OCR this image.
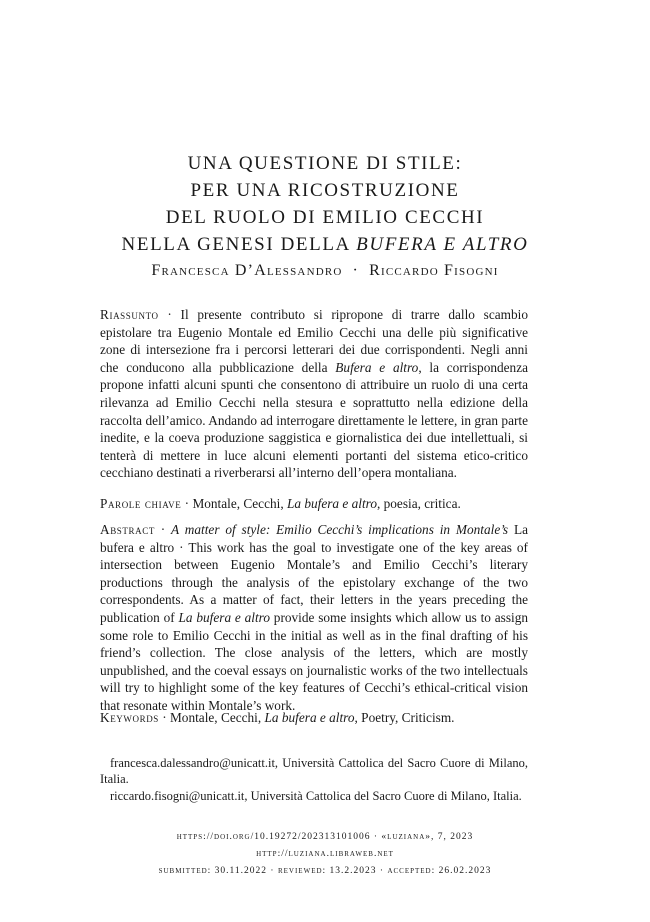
UNA QUESTIONE DI STILE:
PER UNA RICOSTRUZIONE
DEL RUOLO DI EMILIO CECCHI
NELLA GENESI DELLA BUFERA E ALTRO
Francesca D’Alessandro · Riccardo Fisogni
Riassunto · Il presente contributo si ripropone di trarre dallo scambio epistolare tra Eugenio Montale ed Emilio Cecchi una delle più significative zone di intersezione fra i percorsi letterari dei due corrispondenti. Negli anni che conducono alla pubblicazione della Bufera e altro, la corrispondenza propone infatti alcuni spunti che consentono di attribuire un ruolo di una certa rilevanza ad Emilio Cecchi nella stesura e soprattutto nella edizione della raccolta dell’amico. Andando ad interrogare direttamente le lettere, in gran parte inedite, e la coeva produzione saggistica e giornalistica dei due intellettuali, si tenterà di mettere in luce alcuni elementi portanti del sistema etico-critico cecchiano destinati a riverberarsi all’interno dell’opera montaliana.
Parole chiave · Montale, Cecchi, La bufera e altro, poesia, critica.
Abstract · A matter of style: Emilio Cecchi’s implications in Montale’s La bufera e altro · This work has the goal to investigate one of the key areas of intersection between Eugenio Montale’s and Emilio Cecchi’s literary productions through the analysis of the epistolary exchange of the two correspondents. As a matter of fact, their letters in the years preceding the publication of La bufera e altro provide some insights which allow us to assign some role to Emilio Cecchi in the initial as well as in the final drafting of his friend’s collection. The close analysis of the letters, which are mostly unpublished, and the coeval essays on journalistic works of the two intellectuals will try to highlight some of the key features of Cecchi’s ethical-critical vision that resonate within Montale’s work.
Keywords · Montale, Cecchi, La bufera e altro, Poetry, Criticism.

francesca.dalessandro@unicatt.it, Università Cattolica del Sacro Cuore di Milano, Italia.

riccardo.fisogni@unicatt.it, Università Cattolica del Sacro Cuore di Milano, Italia.

https://doi.org/10.19272/202313101006 · «luziana», 7, 2023
http://luziana.libraweb.net
submitted: 30.11.2022 · reviewed: 13.2.2023 · accepted: 26.02.2023
